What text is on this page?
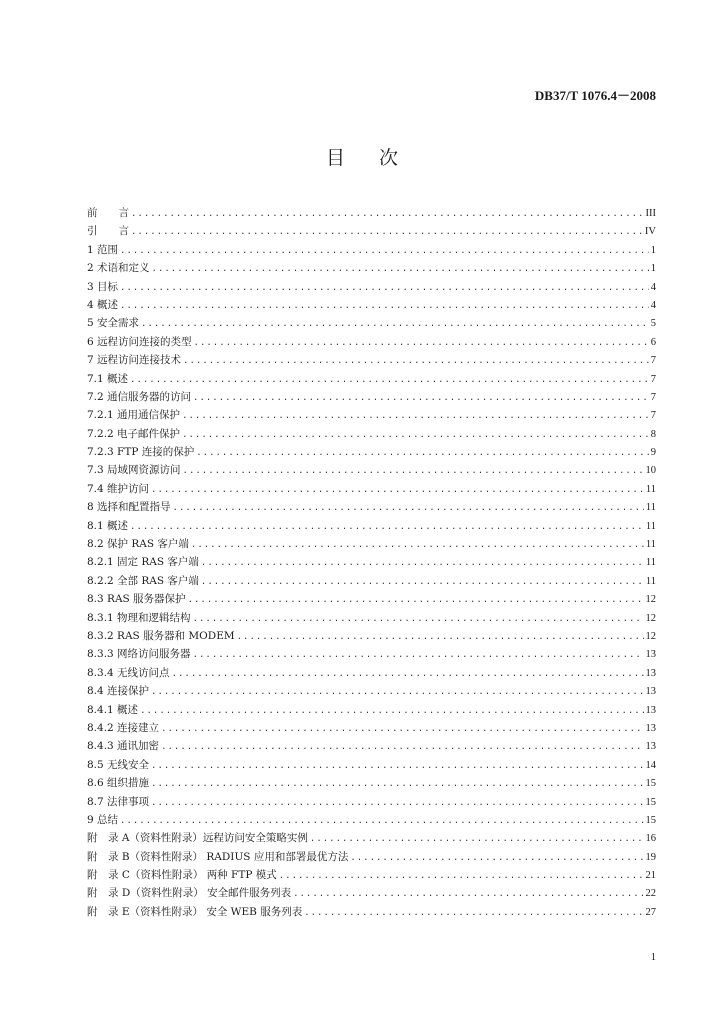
DB37/T 1076.4－2008
目次
前　　言 .....	III
引　　言 .....	IV
1 范围 .....	1
2 术语和定义 .....	1
3 目标 .....	4
4 概述 .....	4
5 安全需求 .....	5
6 远程访问连接的类型 .....	6
7 远程访问连接技术 .....	7
7.1 概述 .....	7
7.2 通信服务器的访问 .....	7
7.2.1 通用通信保护 .....	7
7.2.2 电子邮件保护 .....	8
7.2.3 FTP 连接的保护 .....	9
7.3 局域网资源访问 .....	10
7.4 维护访问 .....	11
8 选择和配置指导 .....	11
8.1 概述 .....	11
8.2 保护 RAS 客户端 .....	11
8.2.1 固定 RAS 客户端 .....	11
8.2.2 全部 RAS 客户端 .....	11
8.3 RAS 服务器保护 .....	12
8.3.1 物理和逻辑结构 .....	12
8.3.2 RAS 服务器和 MODEM .....	12
8.3.3 网络访问服务器 .....	13
8.3.4 无线访问点 .....	13
8.4 连接保护 .....	13
8.4.1 概述 .....	13
8.4.2 连接建立 .....	13
8.4.3 通讯加密 .....	13
8.5 无线安全 .....	14
8.6 组织措施 .....	15
8.7 法律事项 .....	15
9 总结 .....	15
附　录 A（资料性附录）远程访问安全策略实例 .....	16
附　录 B（资料性附录） RADIUS 应用和部署最优方法 .....	19
附　录 C（资料性附录） 两种 FTP 模式 .....	21
附　录 D（资料性附录） 安全邮件服务列表 .....	22
附　录 E（资料性附录） 安全 WEB 服务列表 .....	27
1
